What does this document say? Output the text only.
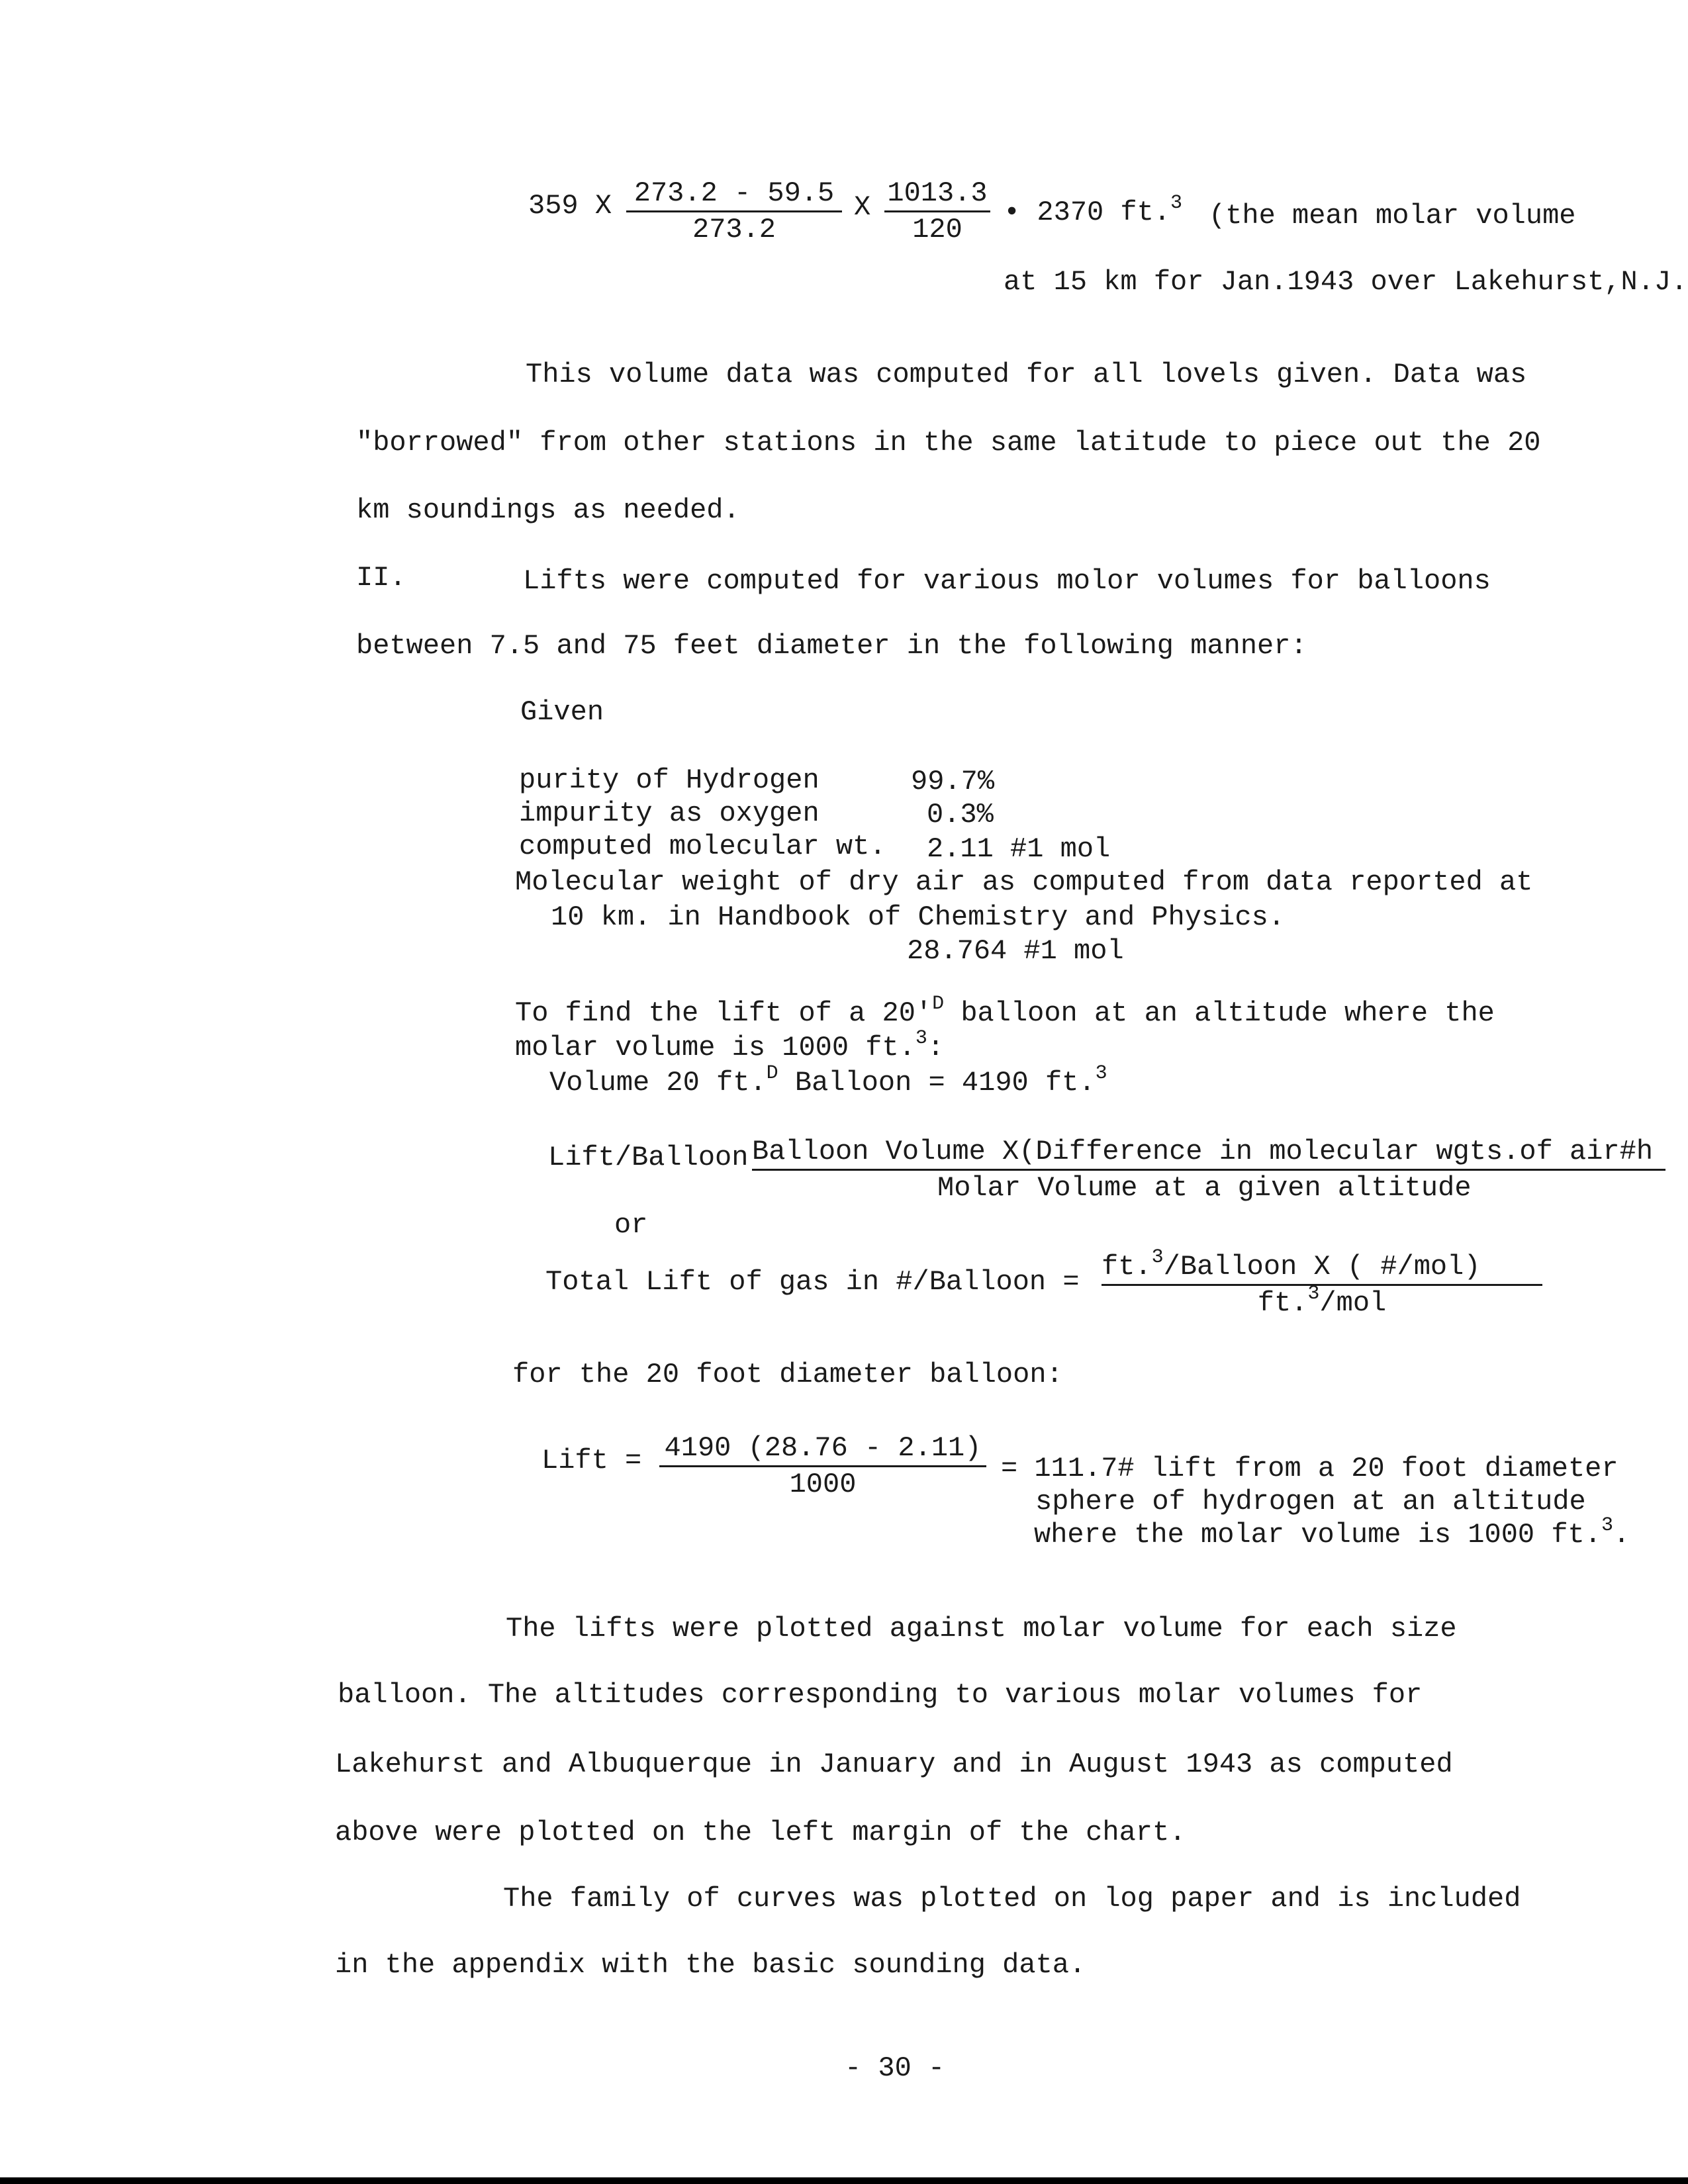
359 X 273.2 - 59.5
273.2
X 1013.3
120
• 2370 ft.$^3$ (the mean molar volume
at 15 km for Jan.1943 over Lakehurst,N.J.
This volume data was computed for all lovels given. Data was
"borrowed" from other stations in the same latitude to piece out the 20
km soundings as needed.
II.	Lifts were computed for various molor volumes for balloons
between 7.5 and 75 feet diameter in the following manner:
Given
purity of Hydrogen	99.7%
impurity as oxygen	0.3%
computed molecular wt. 2.11 #1 mol
Molecular weight of dry air as computed from data reported at
10 km. in Handbook of Chemistry and Physics.
28.764 #1 mol
To find the lift of a $20'^D$ balloon at an altitude where the
molar volume is 1000 ft.$^3$:
Volume 20 ft.$^D$ Balloon = 4190 ft.$^3$
Lift/Balloon Balloon Volume X(Difference in molecular wgts.of air#h
Molar Volume at a given altitude
or
Total Lift of gas in #/Balloon = ft.$^3$/Balloon X ( #/mol)
ft.$^3$/mol
for the 20 foot diameter balloon:
Lift = 4190 (28.76 - 2.11)
1000
= 111.7# lift from a 20 foot diameter
sphere of hydrogen at an altitude
where the molar volume is 1000 ft.$^3$.
The lifts were plotted against molar volume for each size
balloon. The altitudes corresponding to various molar volumes for
Lakehurst and Albuquerque in January and in August 1943 as computed
above were plotted on the left margin of the chart.
The family of curves was plotted on log paper and is included
in the appendix with the basic sounding data.
- 30 -
